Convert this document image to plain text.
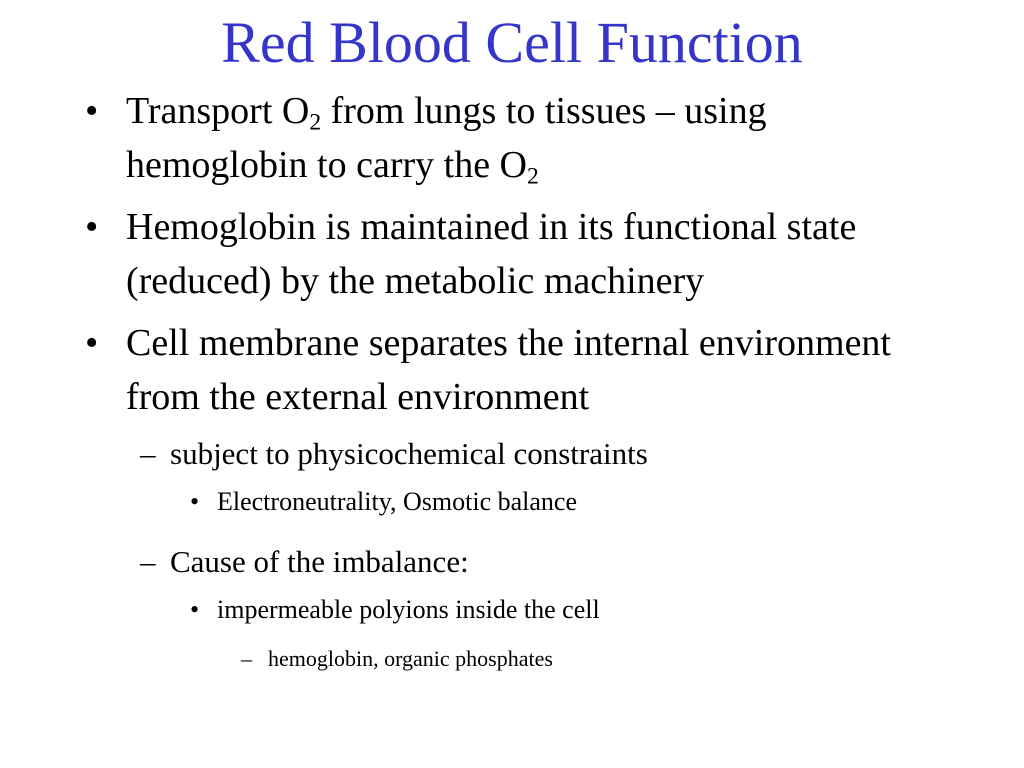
Red Blood Cell Function
• Transport $O_2$ from lungs to tissues – using hemoglobin to carry the $O_2$
• Hemoglobin is maintained in its functional state (reduced) by the metabolic machinery
• Cell membrane separates the internal environment from the external environment
– subject to physicochemical constraints
• Electroneutrality, Osmotic balance
– Cause of the imbalance:
• impermeable polyions inside the cell
– hemoglobin, organic phosphates
